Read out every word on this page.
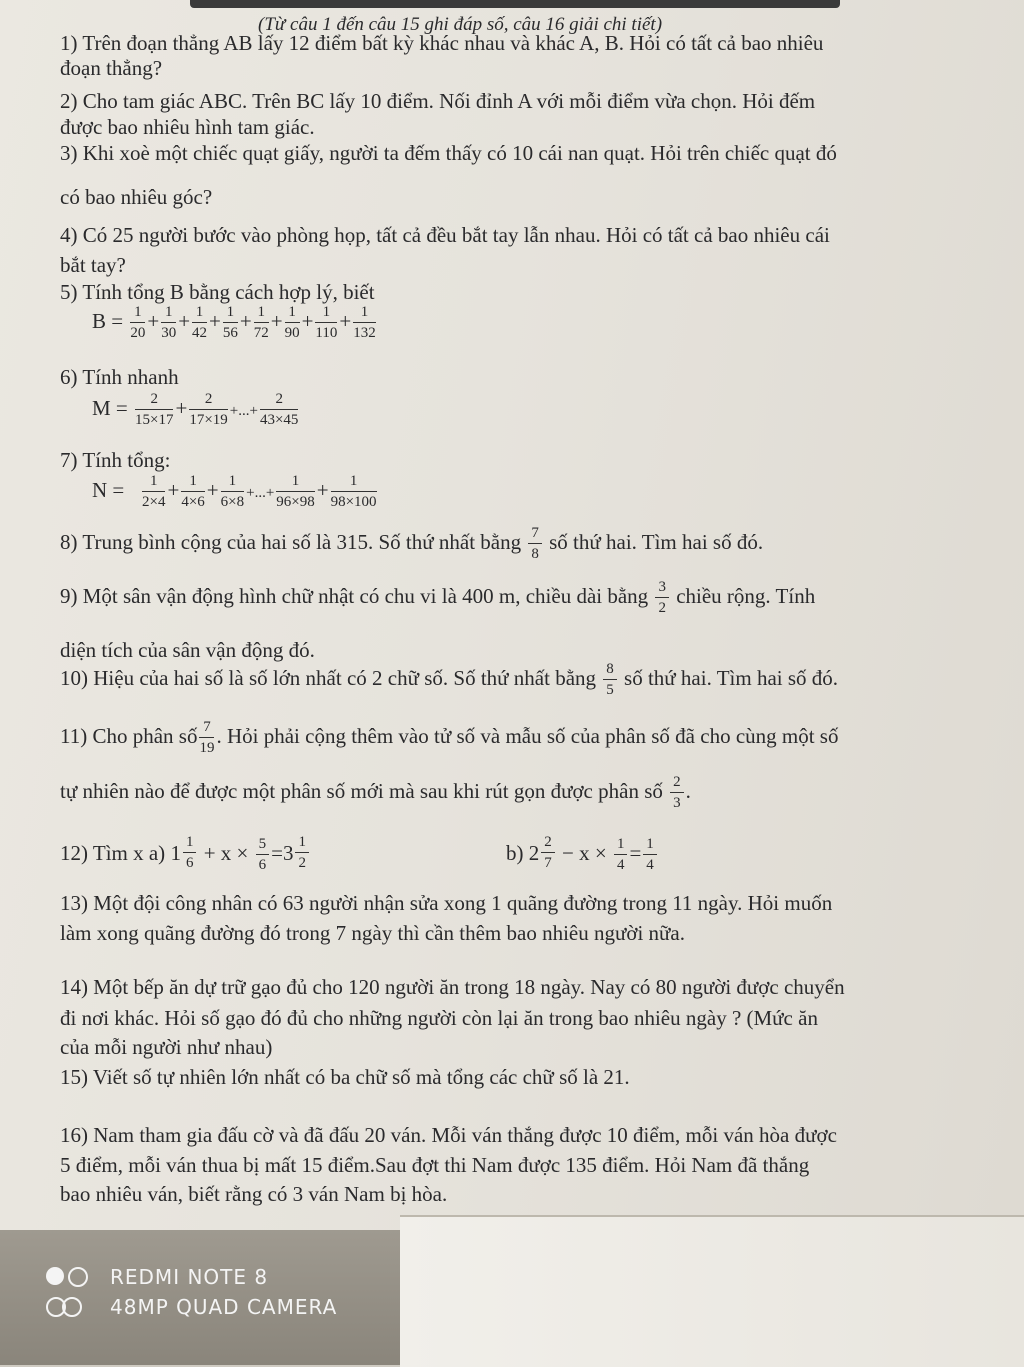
(Từ câu 1 đến câu 15 ghi đáp số, câu 16 giải chi tiết)
1) Trên đoạn thẳng AB lấy 12 điểm bất kỳ khác nhau và khác A, B. Hỏi có tất cả bao nhiêu
đoạn thẳng?
2) Cho tam giác ABC. Trên BC lấy 10 điểm. Nối đỉnh A với mỗi điểm vừa chọn. Hỏi đếm
được bao nhiêu hình tam giác.
3) Khi xoè một chiếc quạt giấy, người ta đếm thấy có 10 cái nan quạt. Hỏi trên chiếc quạt đó
có bao nhiêu góc?
4) Có 25 người bước vào phòng họp, tất cả đều bắt tay lẫn nhau. Hỏi có tất cả bao nhiêu cái
bắt tay?
5) Tính tổng B bằng cách hợp lý, biết
$B = \frac{1}{20} + \frac{1}{30} + \frac{1}{42} + \frac{1}{56} + \frac{1}{72} + \frac{1}{90} + \frac{1}{110} + \frac{1}{132}$
6) Tính nhanh
$M = \frac{2}{15\times 17} + \frac{2}{17\times 19}$ +...+ $\frac{2}{43\times 45}$
7) Tính tổng:
$N = \frac{1}{2\times 4} + \frac{1}{4\times 6} + \frac{1}{6\times 8}$ +...+ $\frac{1}{96\times 98} + \frac{1}{98\times 100}$
8) Trung bình cộng của hai số là 315. Số thứ nhất bằng $\frac{7}{8}$ số thứ hai. Tìm hai số đó.
9) Một sân vận động hình chữ nhật có chu vi là 400 m, chiều dài bằng $\frac{3}{2}$ chiều rộng. Tính
diện tích của sân vận động đó.
10) Hiệu của hai số là số lớn nhất có 2 chữ số. Số thứ nhất bằng $\frac{8}{5}$ số thứ hai. Tìm hai số đó.
11) Cho phân số $\frac{7}{19}$ . Hỏi phải cộng thêm vào tử số và mẫu số của phân số đã cho cùng một số
tự nhiên nào để được một phân số mới mà sau khi rút gọn được phân số $\frac{2}{3}$ .
12) Tìm x a) $1 \frac{1}{6} + x \times \frac{5}{6} =3 \frac{1}{2}$	b) $2 \frac{2}{7} - x \times \frac{1}{4} = \frac{1}{4}$
13) Một đội công nhân có 63 người nhận sửa xong 1 quãng đường trong 11 ngày. Hỏi muốn
làm xong quãng đường đó trong 7 ngày thì cần thêm bao nhiêu người nữa.
14) Một bếp ăn dự trữ gạo đủ cho 120 người ăn trong 18 ngày. Nay có 80 người được chuyển
đi nơi khác. Hỏi số gạo đó đủ cho những người còn lại ăn trong bao nhiêu ngày ? (Mức ăn
của mỗi người như nhau)
15) Viết số tự nhiên lớn nhất có ba chữ số mà tổng các chữ số là 21.
16) Nam tham gia đấu cờ và đã đấu 20 ván. Mỗi ván thắng được 10 điểm, mỗi ván hòa được
5 điểm, mỗi ván thua bị mất 15 điểm.Sau đợt thi Nam được 135 điểm. Hỏi Nam đã thắng
bao nhiêu ván, biết rằng có 3 ván Nam bị hòa.
REDMI NOTE 8
48MP QUAD CAMERA
